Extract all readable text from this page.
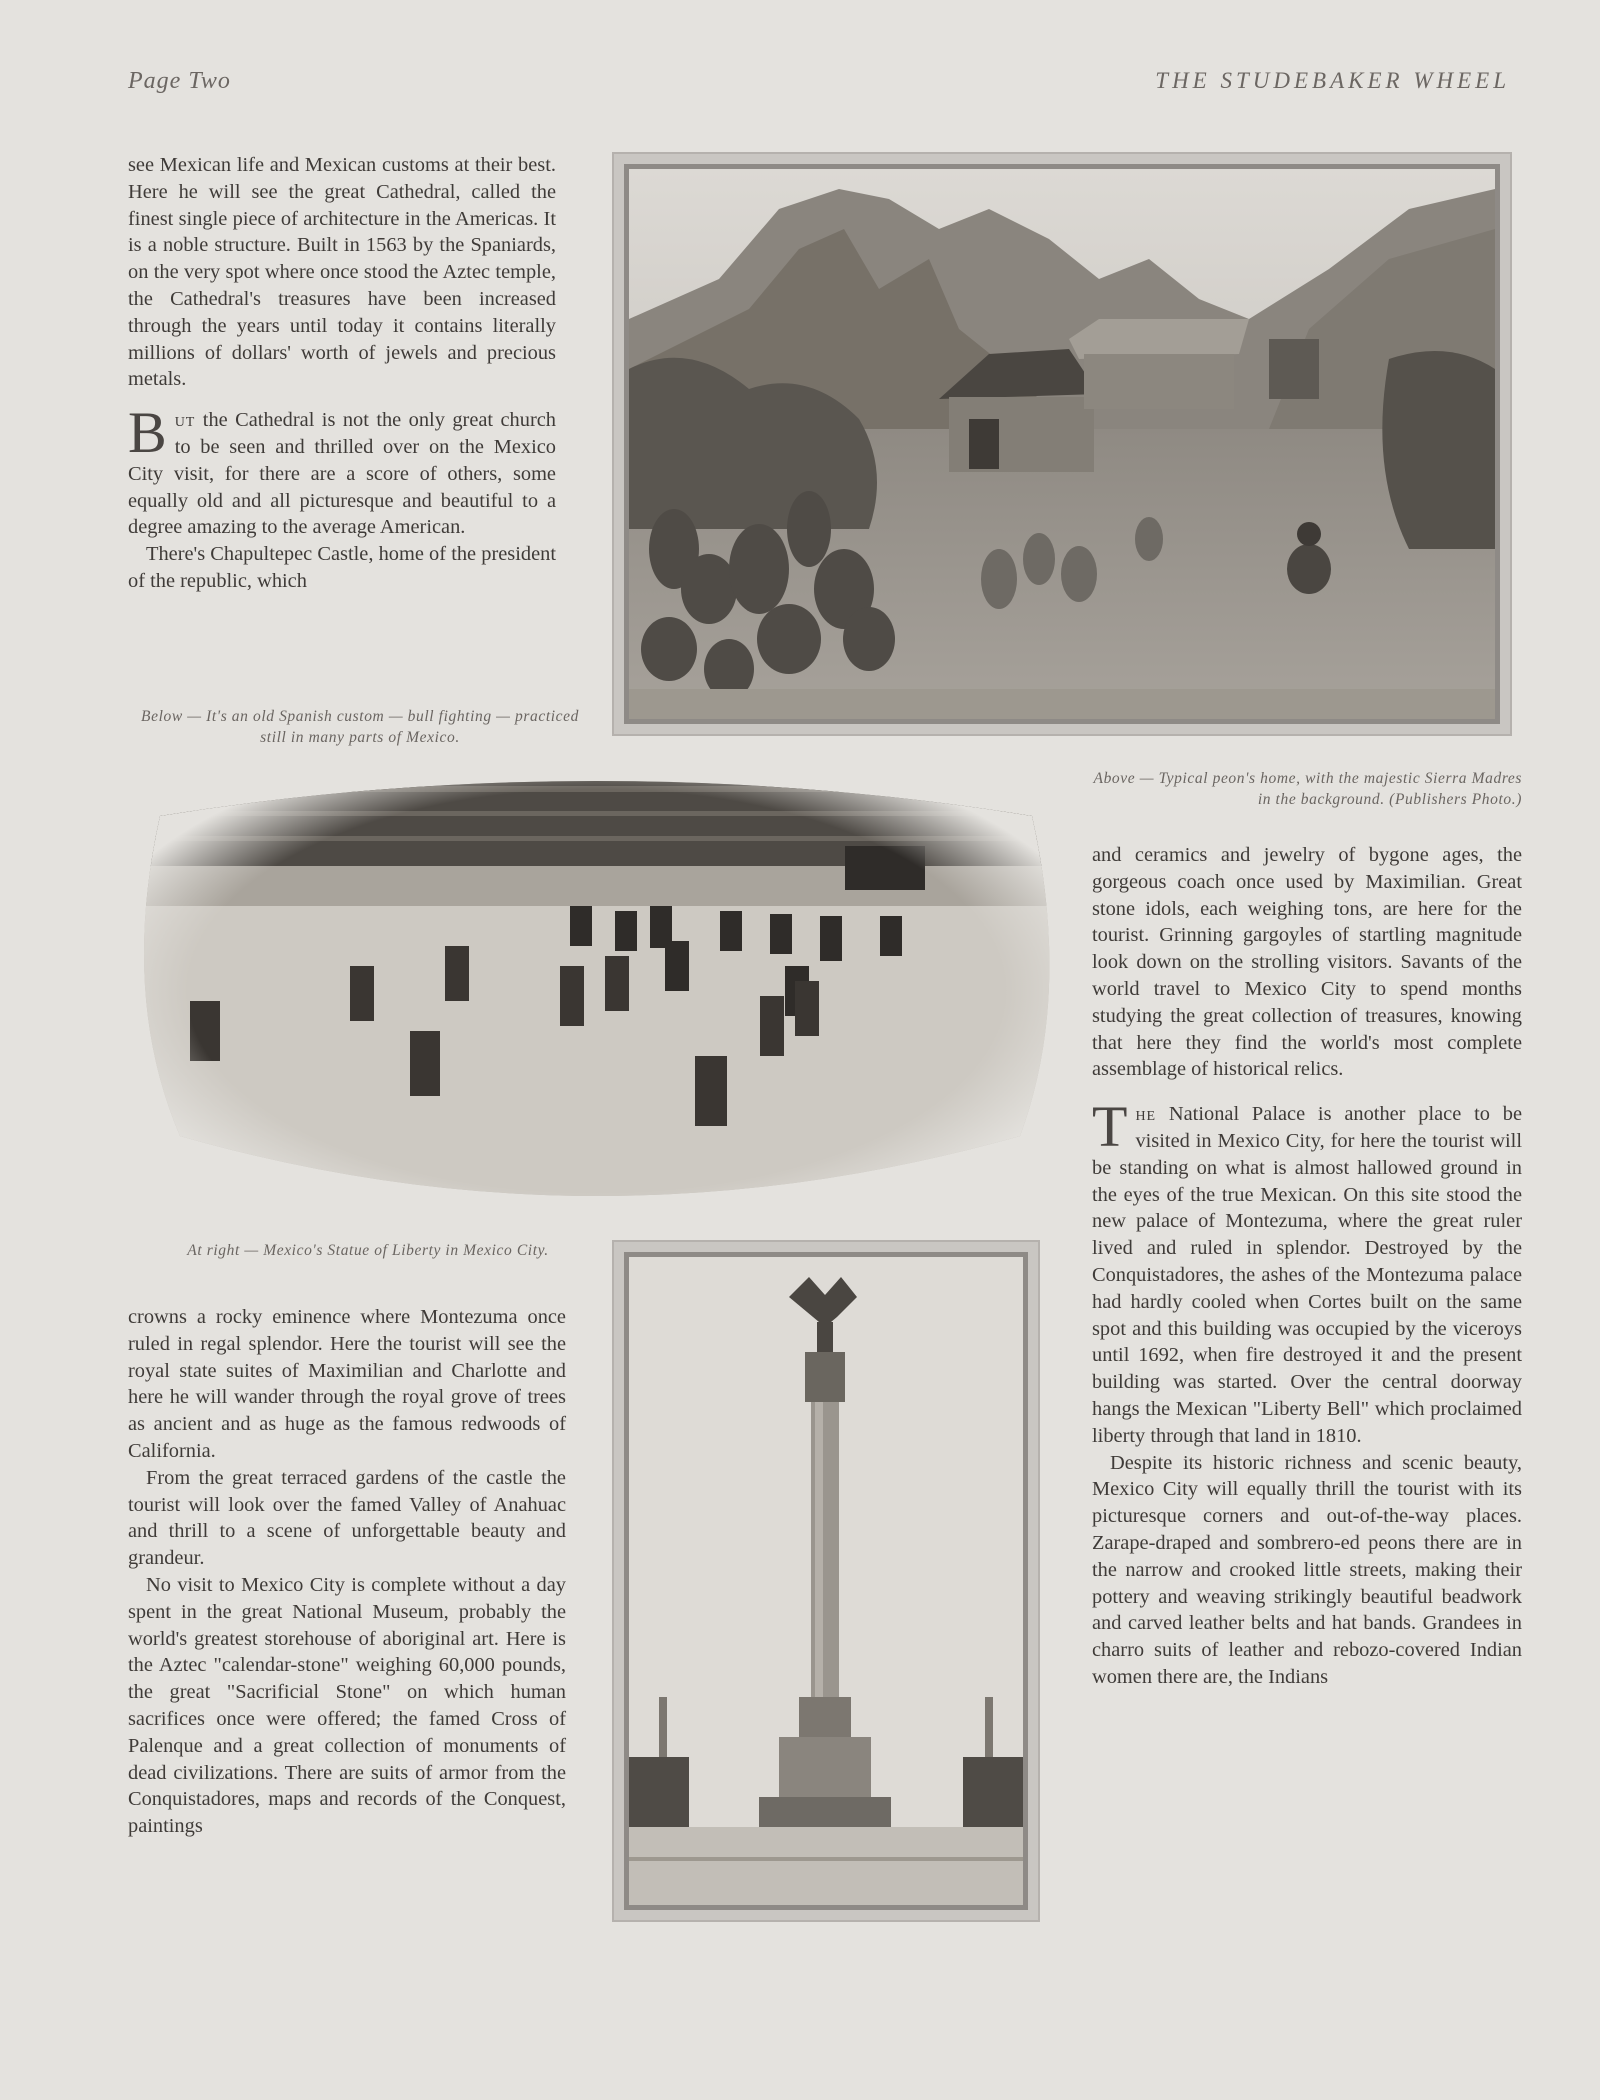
Page Two	THE STUDEBAKER WHEEL

see Mexican life and Mexican customs at their best. Here he will see the great Cathedral, called the finest single piece of architecture in the Americas. It is a noble structure. Built in 1563 by the Spaniards, on the very spot where once stood the Aztec temple, the Cathedral's treasures have been increased through the years until today it contains literally millions of dollars' worth of jewels and precious metals.

But the Cathedral is not the only great church to be seen and thrilled over on the Mexico City visit, for there are a score of others, some equally old and all picturesque and beautiful to a degree amazing to the average American.

There's Chapultepec Castle, home of the president of the republic, which

Below — It's an old Spanish custom — bull fighting — practiced still in many parts of Mexico.
Above — Typical peon's home, with the majestic Sierra Madres in the background. (Publishers Photo.)
At right — Mexico's Statue of Liberty in Mexico City.

crowns a rocky eminence where Montezuma once ruled in regal splendor. Here the tourist will see the royal state suites of Maximilian and Charlotte and here he will wander through the royal grove of trees as ancient and as huge as the famous redwoods of California.

From the great terraced gardens of the castle the tourist will look over the famed Valley of Anahuac and thrill to a scene of unforgettable beauty and grandeur.

No visit to Mexico City is complete without a day spent in the great National Museum, probably the world's greatest storehouse of aboriginal art. Here is the Aztec "calendar-stone" weighing 60,000 pounds, the great "Sacrificial Stone" on which human sacrifices once were offered; the famed Cross of Palenque and a great collection of monuments of dead civilizations. There are suits of armor from the Conquistadores, maps and records of the Conquest, paintings

and ceramics and jewelry of bygone ages, the gorgeous coach once used by Maximilian. Great stone idols, each weighing tons, are here for the tourist. Grinning gargoyles of startling magnitude look down on the strolling visitors. Savants of the world travel to Mexico City to spend months studying the great collection of treasures, knowing that here they find the world's most complete assemblage of historical relics.

The National Palace is another place to be visited in Mexico City, for here the tourist will be standing on what is almost hallowed ground in the eyes of the true Mexican. On this site stood the new palace of Montezuma, where the great ruler lived and ruled in splendor. Destroyed by the Conquistadores, the ashes of the Montezuma palace had hardly cooled when Cortes built on the same spot and this building was occupied by the viceroys until 1692, when fire destroyed it and the present building was started. Over the central doorway hangs the Mexican "Liberty Bell" which proclaimed liberty through that land in 1810.

Despite its historic richness and scenic beauty, Mexico City will equally thrill the tourist with its picturesque corners and out-of-the-way places. Zarape-draped and sombrero-ed peons there are in the narrow and crooked little streets, making their pottery and weaving strikingly beautiful beadwork and carved leather belts and hat bands. Grandees in charro suits of leather and rebozo-covered Indian women there are, the Indians
